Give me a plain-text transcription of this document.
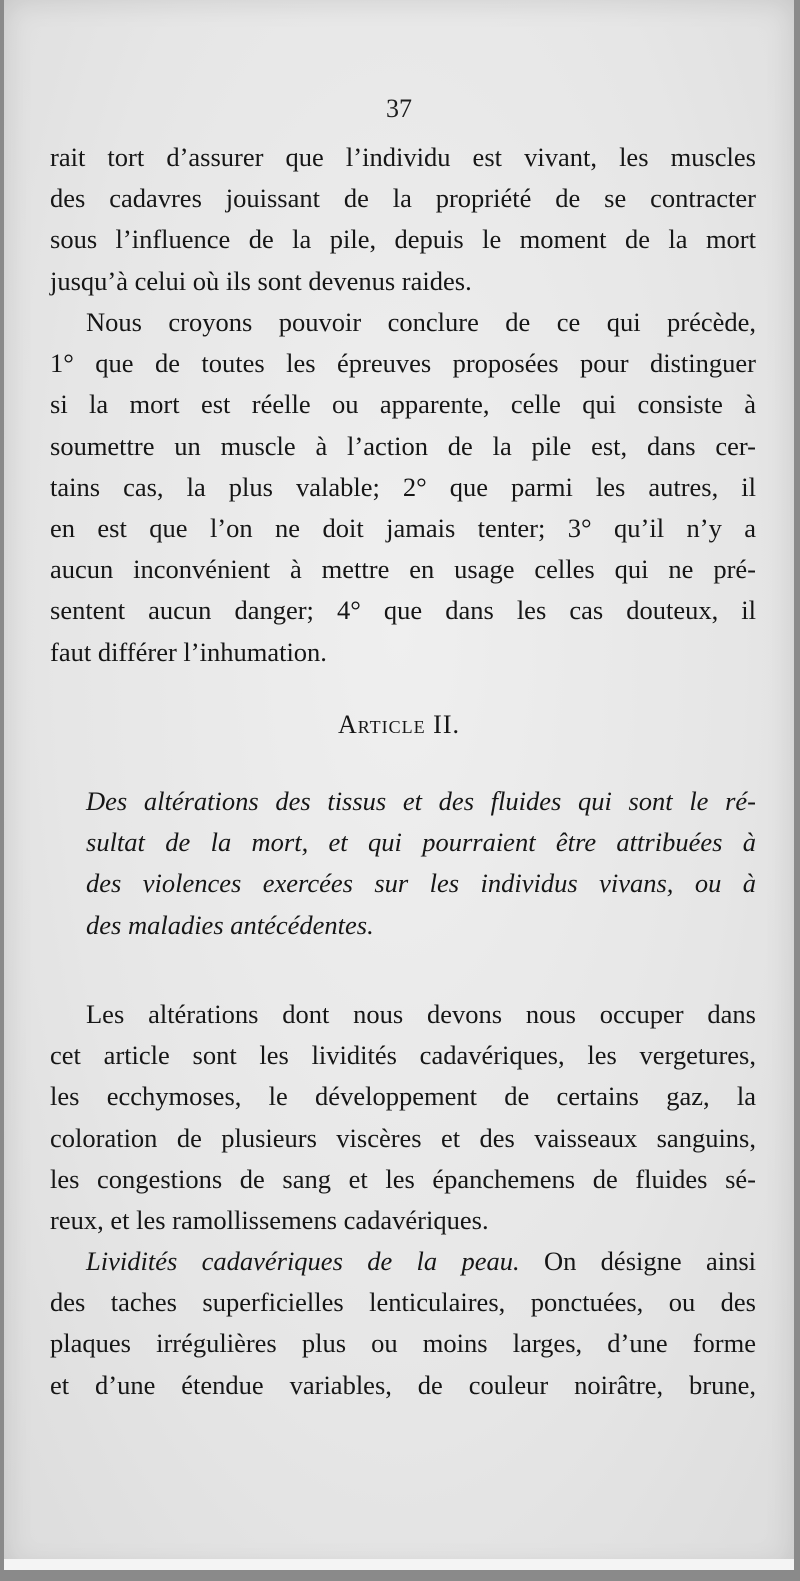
37
rait tort d’assurer que l’individu est vivant, les muscles
des cadavres jouissant de la propriété de se contracter
sous l’influence de la pile, depuis le moment de la mort
jusqu’à celui où ils sont devenus raides.
Nous croyons pouvoir conclure de ce qui précède,
1° que de toutes les épreuves proposées pour distinguer
si la mort est réelle ou apparente, celle qui consiste à
soumettre un muscle à l’action de la pile est, dans cer-
tains cas, la plus valable; 2° que parmi les autres, il
en est que l’on ne doit jamais tenter; 3° qu’il n’y a
aucun inconvénient à mettre en usage celles qui ne pré-
sentent aucun danger; 4° que dans les cas douteux, il
faut différer l’inhumation.
Article II.
Des altérations des tissus et des fluides qui sont le ré-
sultat de la mort, et qui pourraient être attribuées à
des violences exercées sur les individus vivans, ou à
des maladies antécédentes.
Les altérations dont nous devons nous occuper dans
cet article sont les lividités cadavériques, les vergetures,
les ecchymoses, le développement de certains gaz, la
coloration de plusieurs viscères et des vaisseaux sanguins,
les congestions de sang et les épanchemens de fluides sé-
reux, et les ramollissemens cadavériques.
Lividités cadavériques de la peau. On désigne ainsi
des taches superficielles lenticulaires, ponctuées, ou des
plaques irrégulières plus ou moins larges, d’une forme
et d’une étendue variables, de couleur noirâtre, brune,
